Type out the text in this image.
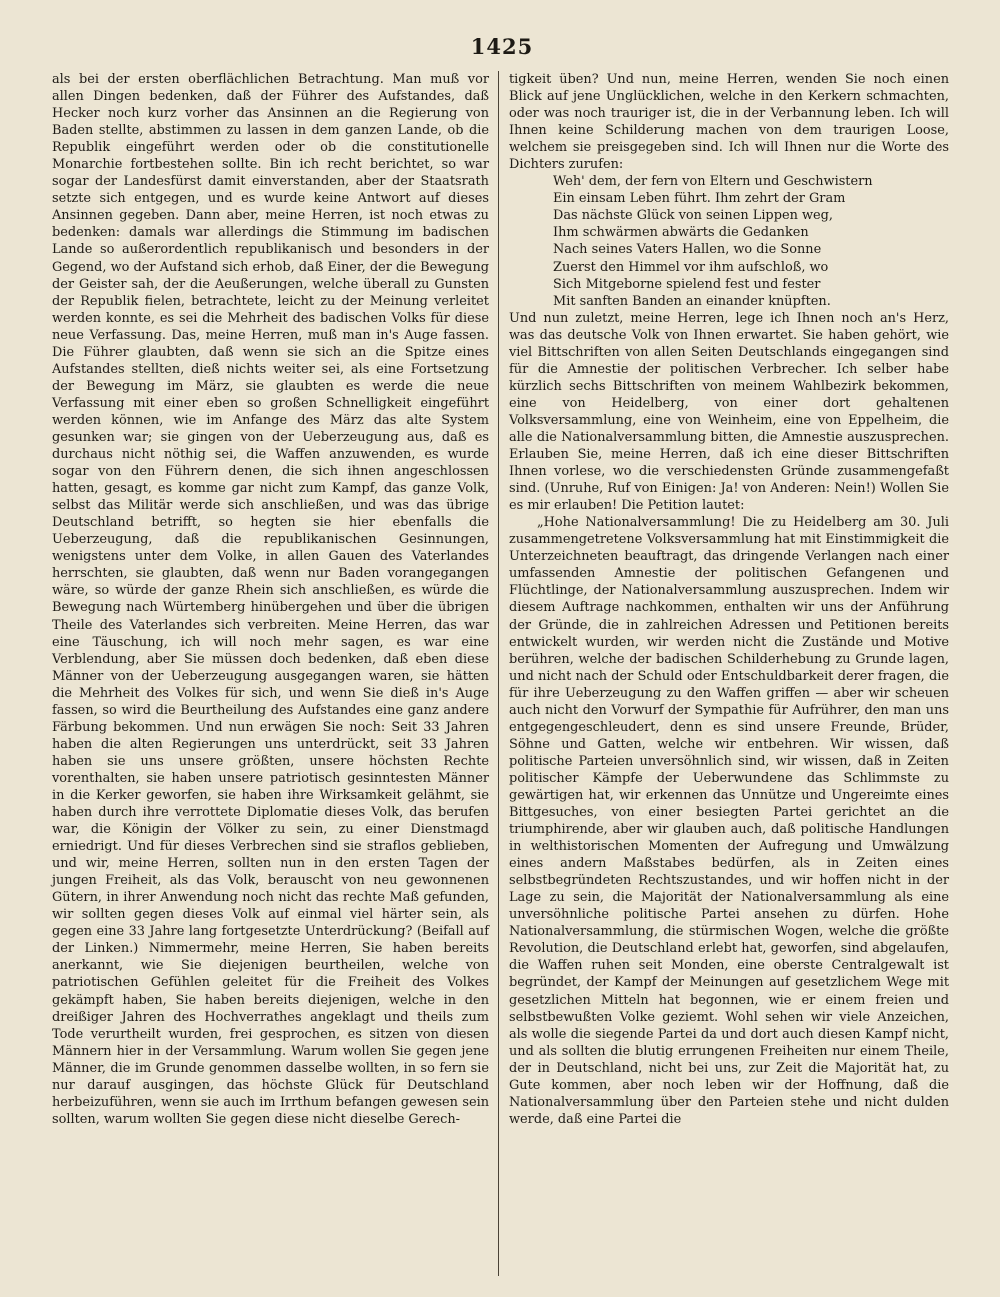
1425

als bei der ersten oberflächlichen Betrachtung. Man muß vor allen Dingen bedenken, daß der Führer des Aufstandes, daß Hecker noch kurz vorher das Ansinnen an die Regierung von Baden stellte, abstimmen zu lassen in dem ganzen Lande, ob die Republik eingeführt werden oder ob die constitutionelle Monarchie fortbestehen sollte. Bin ich recht berichtet, so war sogar der Landesfürst damit einverstanden, aber der Staatsrath setzte sich entgegen, und es wurde keine Antwort auf dieses Ansinnen gegeben. Dann aber, meine Herren, ist noch etwas zu bedenken: damals war allerdings die Stimmung im badischen Lande so außerordentlich republikanisch und besonders in der Gegend, wo der Aufstand sich erhob, daß Einer, der die Bewegung der Geister sah, der die Aeußerungen, welche überall zu Gunsten der Republik fielen, betrachtete, leicht zu der Meinung verleitet werden konnte, es sei die Mehrheit des badischen Volks für diese neue Verfassung. Das, meine Herren, muß man in's Auge fassen. Die Führer glaubten, daß wenn sie sich an die Spitze eines Aufstandes stellten, dieß nichts weiter sei, als eine Fortsetzung der Bewegung im März, sie glaubten es werde die neue Verfassung mit einer eben so großen Schnelligkeit eingeführt werden können, wie im Anfange des März das alte System gesunken war; sie gingen von der Ueberzeugung aus, daß es durchaus nicht nöthig sei, die Waffen anzuwenden, es wurde sogar von den Führern denen, die sich ihnen angeschlossen hatten, gesagt, es komme gar nicht zum Kampf, das ganze Volk, selbst das Militär werde sich anschließen, und was das übrige Deutschland betrifft, so hegten sie hier ebenfalls die Ueberzeugung, daß die republikanischen Gesinnungen, wenigstens unter dem Volke, in allen Gauen des Vaterlandes herrschten, sie glaubten, daß wenn nur Baden vorangegangen wäre, so würde der ganze Rhein sich anschließen, es würde die Bewegung nach Würtemberg hinübergehen und über die übrigen Theile des Vaterlandes sich verbreiten. Meine Herren, das war eine Täuschung, ich will noch mehr sagen, es war eine Verblendung, aber Sie müssen doch bedenken, daß eben diese Männer von der Ueberzeugung ausgegangen waren, sie hätten die Mehrheit des Volkes für sich, und wenn Sie dieß in's Auge fassen, so wird die Beurtheilung des Aufstandes eine ganz andere Färbung bekommen. Und nun erwägen Sie noch: Seit 33 Jahren haben die alten Regierungen uns unterdrückt, seit 33 Jahren haben sie uns unsere größten, unsere höchsten Rechte vorenthalten, sie haben unsere patriotisch gesinntesten Männer in die Kerker geworfen, sie haben ihre Wirksamkeit gelähmt, sie haben durch ihre verrottete Diplomatie dieses Volk, das berufen war, die Königin der Völker zu sein, zu einer Dienstmagd erniedrigt. Und für dieses Verbrechen sind sie straflos geblieben, und wir, meine Herren, sollten nun in den ersten Tagen der jungen Freiheit, als das Volk, berauscht von neu gewonnenen Gütern, in ihrer Anwendung noch nicht das rechte Maß gefunden, wir sollten gegen dieses Volk auf einmal viel härter sein, als gegen eine 33 Jahre lang fortgesetzte Unterdrückung? (Beifall auf der Linken.) Nimmermehr, meine Herren, Sie haben bereits anerkannt, wie Sie diejenigen beurtheilen, welche von patriotischen Gefühlen geleitet für die Freiheit des Volkes gekämpft haben, Sie haben bereits diejenigen, welche in den dreißiger Jahren des Hochverrathes angeklagt und theils zum Tode verurtheilt wurden, frei gesprochen, es sitzen von diesen Männern hier in der Versammlung. Warum wollen Sie gegen jene Männer, die im Grunde genommen dasselbe wollten, in so fern sie nur darauf ausgingen, das höchste Glück für Deutschland herbeizuführen, wenn sie auch im Irrthum befangen gewesen sein sollten, warum wollten Sie gegen diese nicht dieselbe Gerech-

tigkeit üben? Und nun, meine Herren, wenden Sie noch einen Blick auf jene Unglücklichen, welche in den Kerkern schmachten, oder was noch trauriger ist, die in der Verbannung leben. Ich will Ihnen keine Schilderung machen von dem traurigen Loose, welchem sie preisgegeben sind. Ich will Ihnen nur die Worte des Dichters zurufen:

Weh' dem, der fern von Eltern und Geschwistern
Ein einsam Leben führt. Ihm zehrt der Gram
Das nächste Glück von seinen Lippen weg,
Ihm schwärmen abwärts die Gedanken
Nach seines Vaters Hallen, wo die Sonne
Zuerst den Himmel vor ihm aufschloß, wo
Sich Mitgeborne spielend fest und fester
Mit sanften Banden an einander knüpften.

Und nun zuletzt, meine Herren, lege ich Ihnen noch an's Herz, was das deutsche Volk von Ihnen erwartet. Sie haben gehört, wie viel Bittschriften von allen Seiten Deutschlands eingegangen sind für die Amnestie der politischen Verbrecher. Ich selber habe kürzlich sechs Bittschriften von meinem Wahlbezirk bekommen, eine von Heidelberg, von einer dort gehaltenen Volksversammlung, eine von Weinheim, eine von Eppelheim, die alle die Nationalversammlung bitten, die Amnestie auszusprechen. Erlauben Sie, meine Herren, daß ich eine dieser Bittschriften Ihnen vorlese, wo die verschiedensten Gründe zusammengefaßt sind. (Unruhe, Ruf von Einigen: Ja! von Anderen: Nein!) Wollen Sie es mir erlauben! Die Petition lautet:

„Hohe Nationalversammlung! Die zu Heidelberg am 30. Juli zusammengetretene Volksversammlung hat mit Einstimmigkeit die Unterzeichneten beauftragt, das dringende Verlangen nach einer umfassenden Amnestie der politischen Gefangenen und Flüchtlinge, der Nationalversammlung auszusprechen. Indem wir diesem Auftrage nachkommen, enthalten wir uns der Anführung der Gründe, die in zahlreichen Adressen und Petitionen bereits entwickelt wurden, wir werden nicht die Zustände und Motive berühren, welche der badischen Schilderhebung zu Grunde lagen, und nicht nach der Schuld oder Entschuldbarkeit derer fragen, die für ihre Ueberzeugung zu den Waffen griffen — aber wir scheuen auch nicht den Vorwurf der Sympathie für Aufrührer, den man uns entgegengeschleudert, denn es sind unsere Freunde, Brüder, Söhne und Gatten, welche wir entbehren. Wir wissen, daß politische Parteien unversöhnlich sind, wir wissen, daß in Zeiten politischer Kämpfe der Ueberwundene das Schlimmste zu gewärtigen hat, wir erkennen das Unnütze und Ungereimte eines Bittgesuches, von einer besiegten Partei gerichtet an die triumphirende, aber wir glauben auch, daß politische Handlungen in welthistorischen Momenten der Aufregung und Umwälzung eines andern Maßstabes bedürfen, als in Zeiten eines selbstbegründeten Rechtszustandes, und wir hoffen nicht in der Lage zu sein, die Majorität der Nationalversammlung als eine unversöhnliche politische Partei ansehen zu dürfen. Hohe Nationalversammlung, die stürmischen Wogen, welche die größte Revolution, die Deutschland erlebt hat, geworfen, sind abgelaufen, die Waffen ruhen seit Monden, eine oberste Centralgewalt ist begründet, der Kampf der Meinungen auf gesetzlichem Wege mit gesetzlichen Mitteln hat begonnen, wie er einem freien und selbstbewußten Volke geziemt. Wohl sehen wir viele Anzeichen, als wolle die siegende Partei da und dort auch diesen Kampf nicht, und als sollten die blutig errungenen Freiheiten nur einem Theile, der in Deutschland, nicht bei uns, zur Zeit die Majorität hat, zu Gute kommen, aber noch leben wir der Hoffnung, daß die Nationalversammlung über den Parteien stehe und nicht dulden werde, daß eine Partei die
